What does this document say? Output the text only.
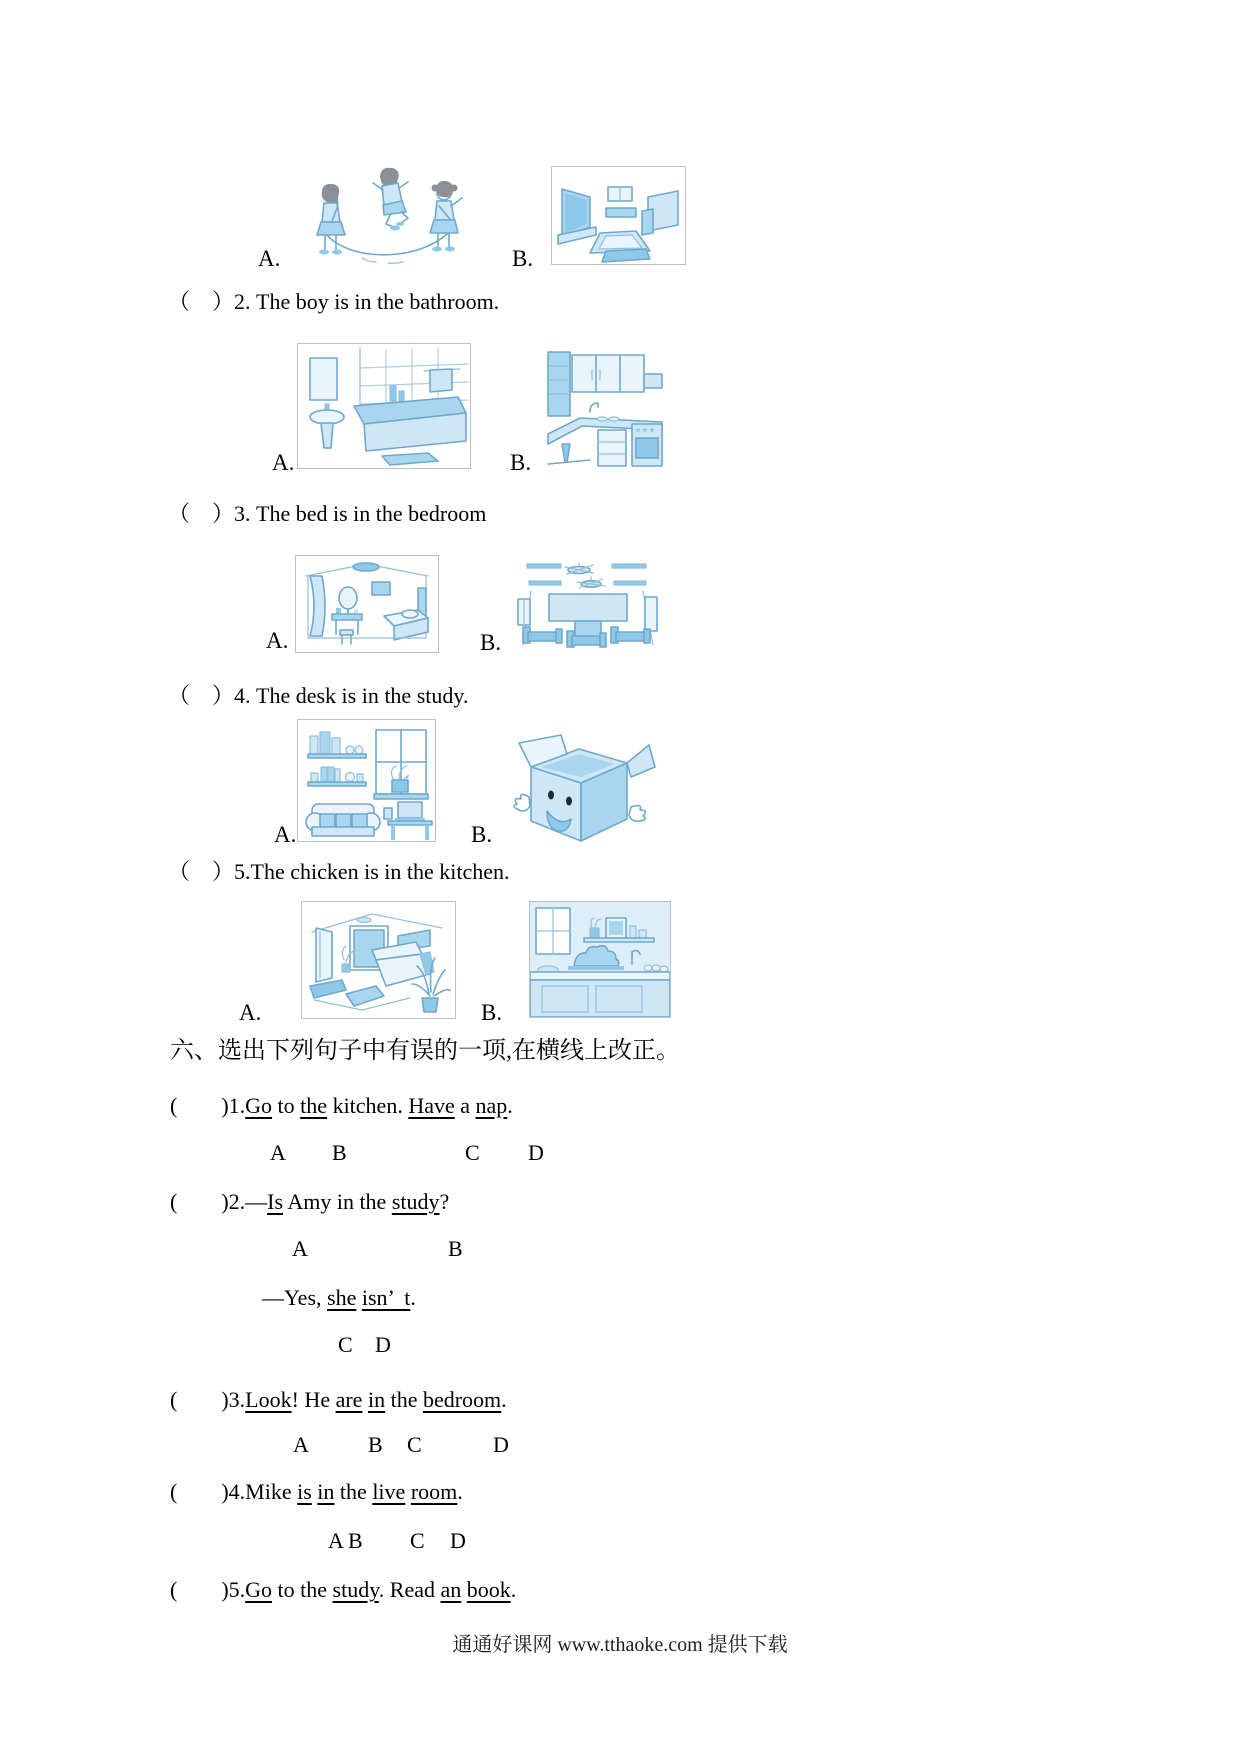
A.	B.
（　）2. The boy is in the bathroom.
A.	B.
（　）3. The bed is in the bedroom
A.	B.
（　）4. The desk is in the study.
A.	B.
（　）5.The chicken is in the kitchen.
A.	B.
六、选出下列句子中有误的一项,在横线上改正。
(        )1.Go to the kitchen. Have a nap.
A B	C D
(        )2.—Is Amy in the study?
A	B
—Yes, she isn’  t.
C D
(        )3.Look! He are in the bedroom.
A	B C	D
(        )4.Mike is in the live room.
A B C D
(        )5.Go to the study. Read an book.
通通好课网 www.tthaoke.com 提供下载
